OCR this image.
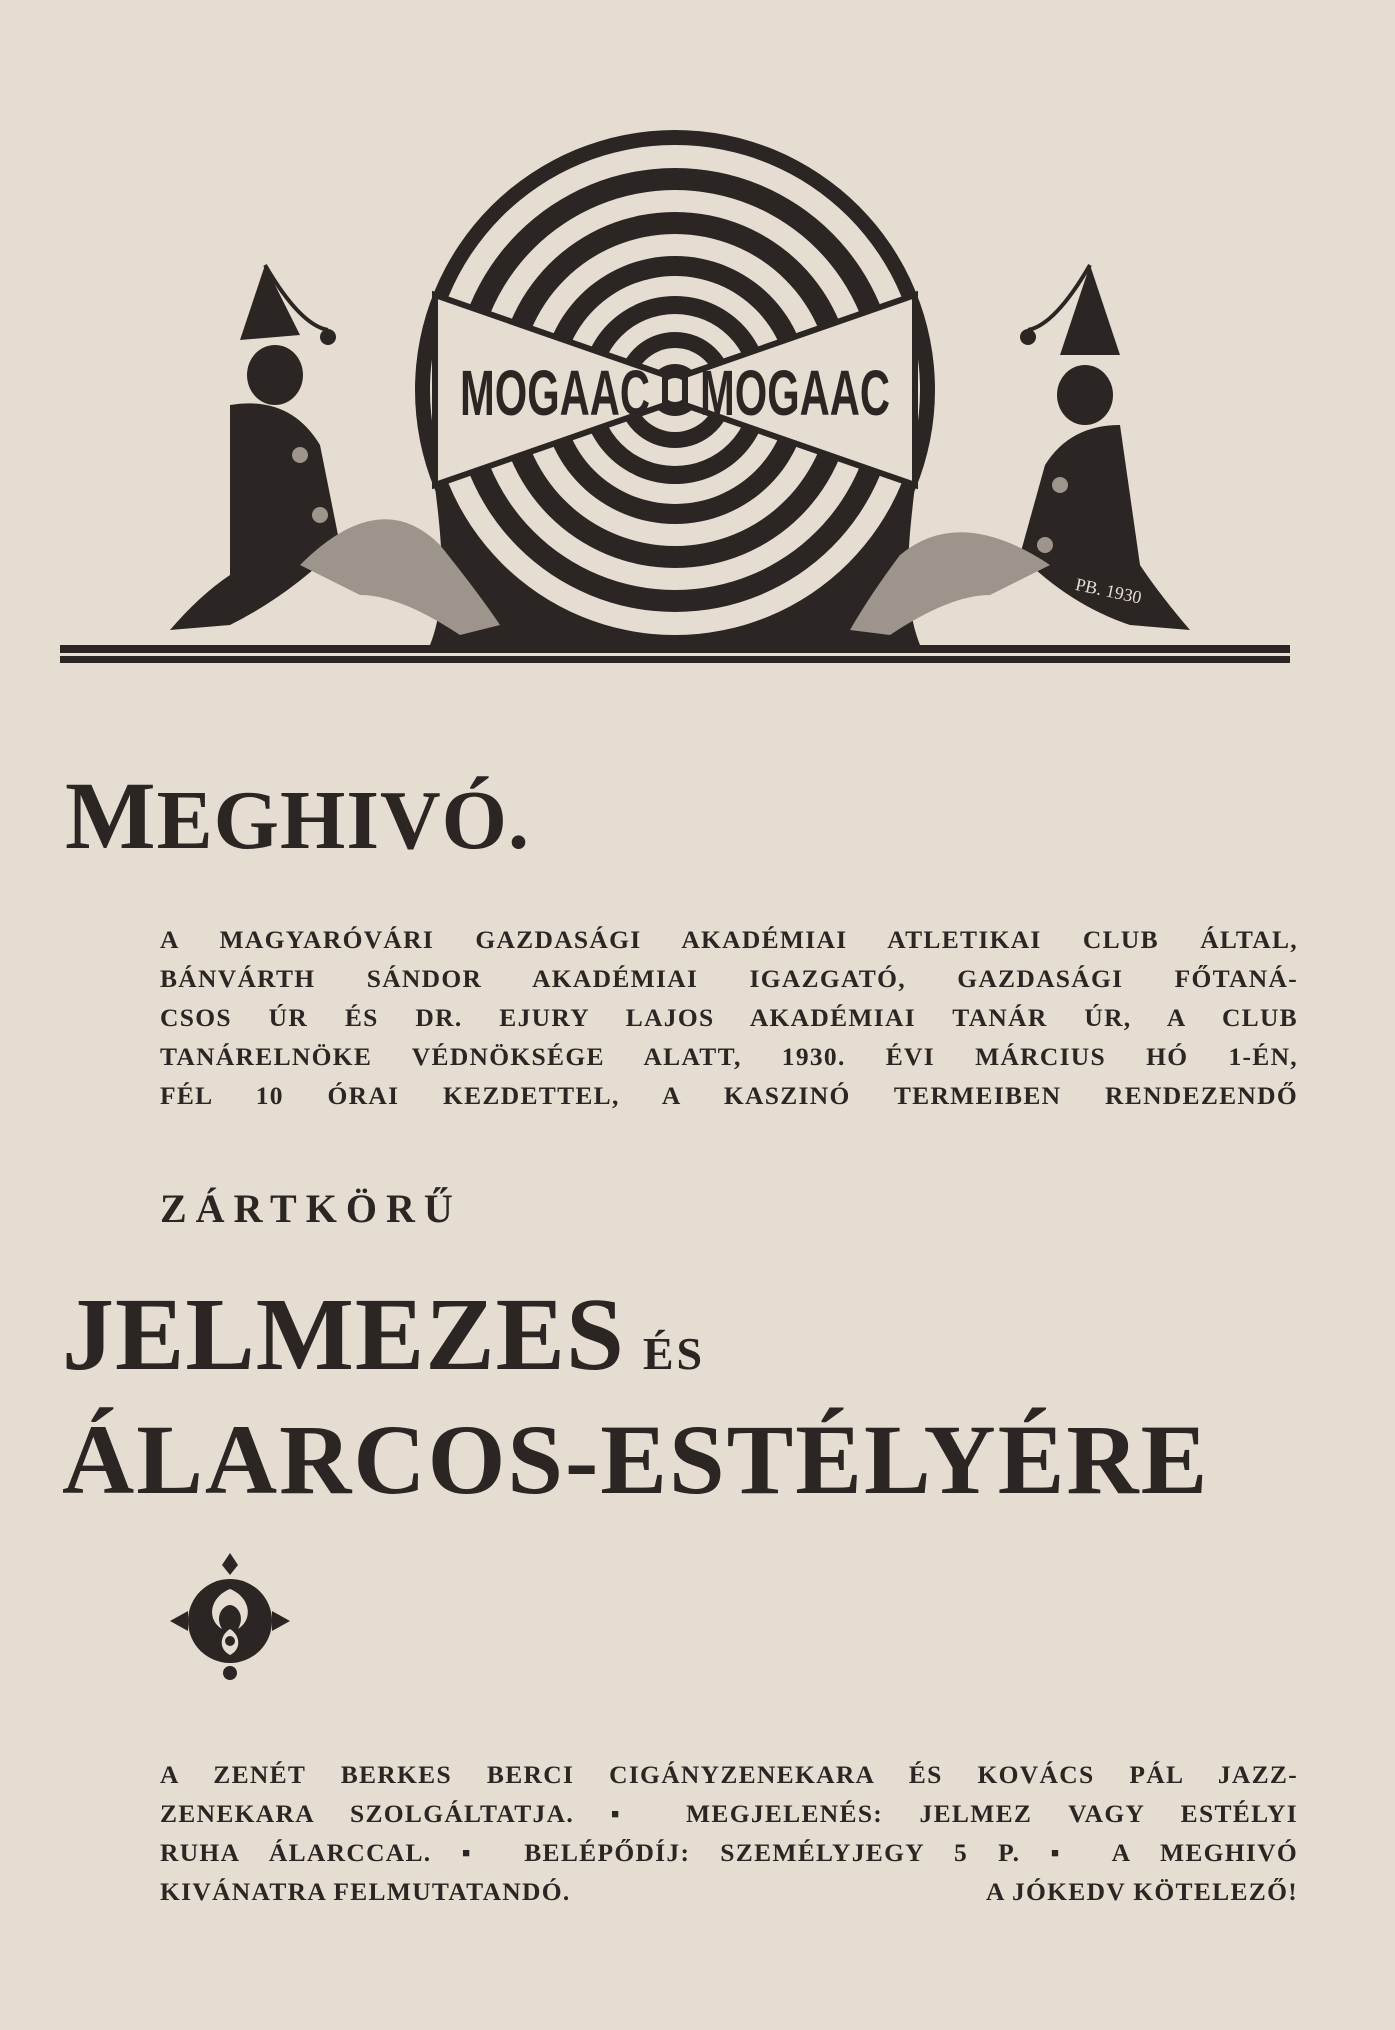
MOGAAC MOGAAC
PB. 1930
MEGHIVÓ.
A MAGYARÓVÁRI GAZDASÁGI AKADÉMIAI ATLETIKAI CLUB ÁLTAL,
BÁNVÁRTH SÁNDOR AKADÉMIAI IGAZGATÓ, GAZDASÁGI FŐTANÁ-
CSOS ÚR ÉS DR. EJURY LAJOS AKADÉMIAI TANÁR ÚR, A CLUB
TANÁRELNÖKE VÉDNÖKSÉGE ALATT, 1930. ÉVI MÁRCIUS HÓ 1-ÉN,
FÉL 10 ÓRAI KEZDETTEL, A KASZINÓ TERMEIBEN RENDEZENDŐ
ZÁRTKÖRŰ
JELMEZES ÉS
ÁLARCOS-ESTÉLYÉRE
A ZENÉT BERKES BERCI CIGÁNYZENEKARA ÉS KOVÁCS PÁL JAZZ-
ZENEKARA SZOLGÁLTATJA. ▪ MEGJELENÉS: JELMEZ VAGY ESTÉLYI
RUHA ÁLARCCAL. ▪ BELÉPŐDÍJ: SZEMÉLYJEGY 5 P. ▪ A MEGHIVÓ
KIVÁNATRA FELMUTATANDÓ.	A JÓKEDV KÖTELEZŐ!
